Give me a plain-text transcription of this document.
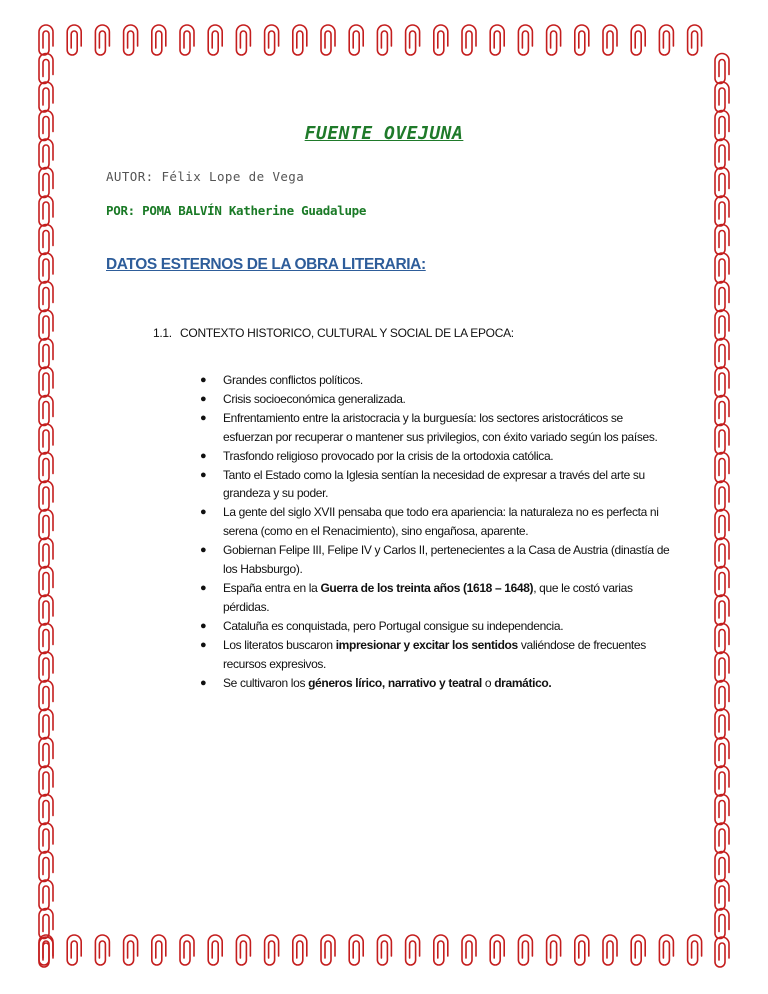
FUENTE OVEJUNA
AUTOR: Félix Lope de Vega
POR: POMA BALVÍN Katherine Guadalupe
DATOS ESTERNOS DE LA OBRA LITERARIA:
1.1. CONTEXTO HISTORICO, CULTURAL Y SOCIAL DE LA EPOCA:
● Grandes conflictos políticos.
● Crisis socioeconómica generalizada.
● Enfrentamiento entre la aristocracia y la burguesía: los sectores aristocráticos se esfuerzan por recuperar o mantener sus privilegios, con éxito variado según los países.
● Trasfondo religioso provocado por la crisis de la ortodoxia católica.
● Tanto el Estado como la Iglesia sentían la necesidad de expresar a través del arte su grandeza y su poder.
● La gente del siglo XVII pensaba que todo era apariencia: la naturaleza no es perfecta ni serena (como en el Renacimiento), sino engañosa, aparente.
● Gobiernan Felipe III, Felipe IV y Carlos II, pertenecientes a la Casa de Austria (dinastía de los Habsburgo).
● España entra en la Guerra de los treinta años (1618 – 1648), que le costó varias pérdidas.
● Cataluña es conquistada, pero Portugal consigue su independencia.
● Los literatos buscaron impresionar y excitar los sentidos valiéndose de frecuentes recursos expresivos.
● Se cultivaron los géneros lírico, narrativo y teatral o dramático.
